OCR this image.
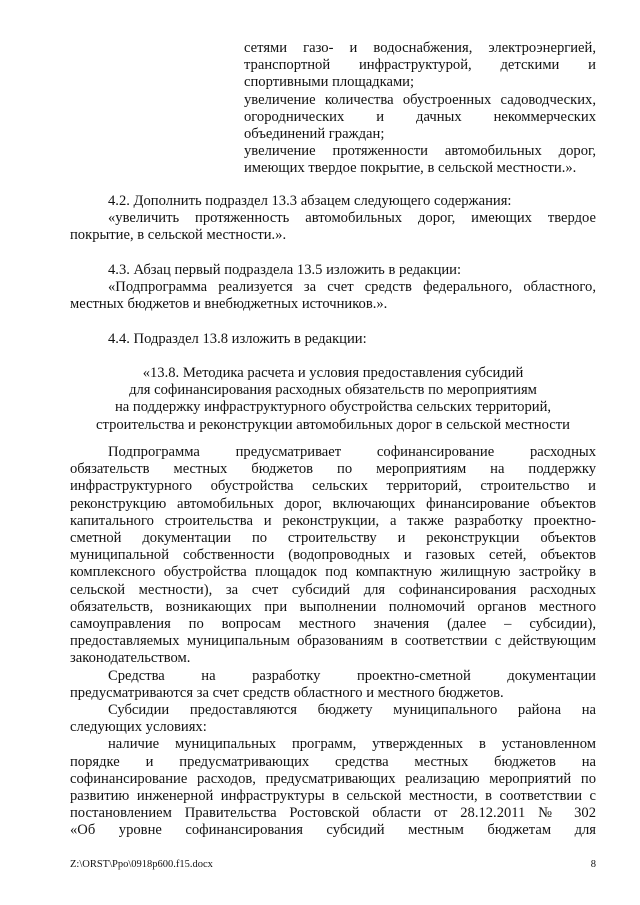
сетями газо- и водоснабжения, электроэнергией,

транспортной инфраструктурой, детскими и

спортивными площадками;

увеличение количества обустроенных садоводческих,

огороднических и дачных некоммерческих

объединений граждан;

увеличение протяженности автомобильных дорог,

имеющих твердое покрытие, в сельской местности.».

4.2. Дополнить подраздел 13.3 абзацем следующего содержания:

«увеличить протяженность автомобильных дорог, имеющих твердое

покрытие, в сельской местности.».

4.3. Абзац первый подраздела 13.5 изложить в редакции:

«Подпрограмма реализуется за счет средств федерального, областного,

местных бюджетов и внебюджетных источников.».

4.4. Подраздел 13.8 изложить в редакции:

«13.8. Методика расчета и условия предоставления субсидий

для софинансирования расходных обязательств по мероприятиям

на поддержку инфраструктурного обустройства сельских территорий,

строительства и реконструкции автомобильных дорог в сельской местности

Подпрограмма предусматривает софинансирование расходных

обязательств местных бюджетов по мероприятиям на поддержку

инфраструктурного обустройства сельских территорий, строительство и

реконструкцию автомобильных дорог, включающих финансирование объектов

капитального строительства и реконструкции, а также разработку проектно-

сметной документации по строительству и реконструкции объектов

муниципальной собственности (водопроводных и газовых сетей, объектов

комплексного обустройства площадок под компактную жилищную застройку в

сельской местности), за счет субсидий для софинансирования расходных

обязательств, возникающих при выполнении полномочий органов местного

самоуправления по вопросам местного значения (далее – субсидии),

предоставляемых муниципальным образованиям в соответствии с действующим

законодательством.

Средства на разработку проектно-сметной документации

предусматриваются за счет средств областного и местного бюджетов.

Субсидии предоставляются бюджету муниципального района на

следующих условиях:

наличие муниципальных программ, утвержденных в установленном

порядке и предусматривающих средства местных бюджетов на

софинансирование расходов, предусматривающих реализацию мероприятий по

развитию инженерной инфраструктуры в сельской местности, в соответствии с

постановлением Правительства Ростовской области от 28.12.2011 № 302

«Об уровне софинансирования субсидий местным бюджетам для

Z:\ORST\Ppo\0918p600.f15.docx	8
